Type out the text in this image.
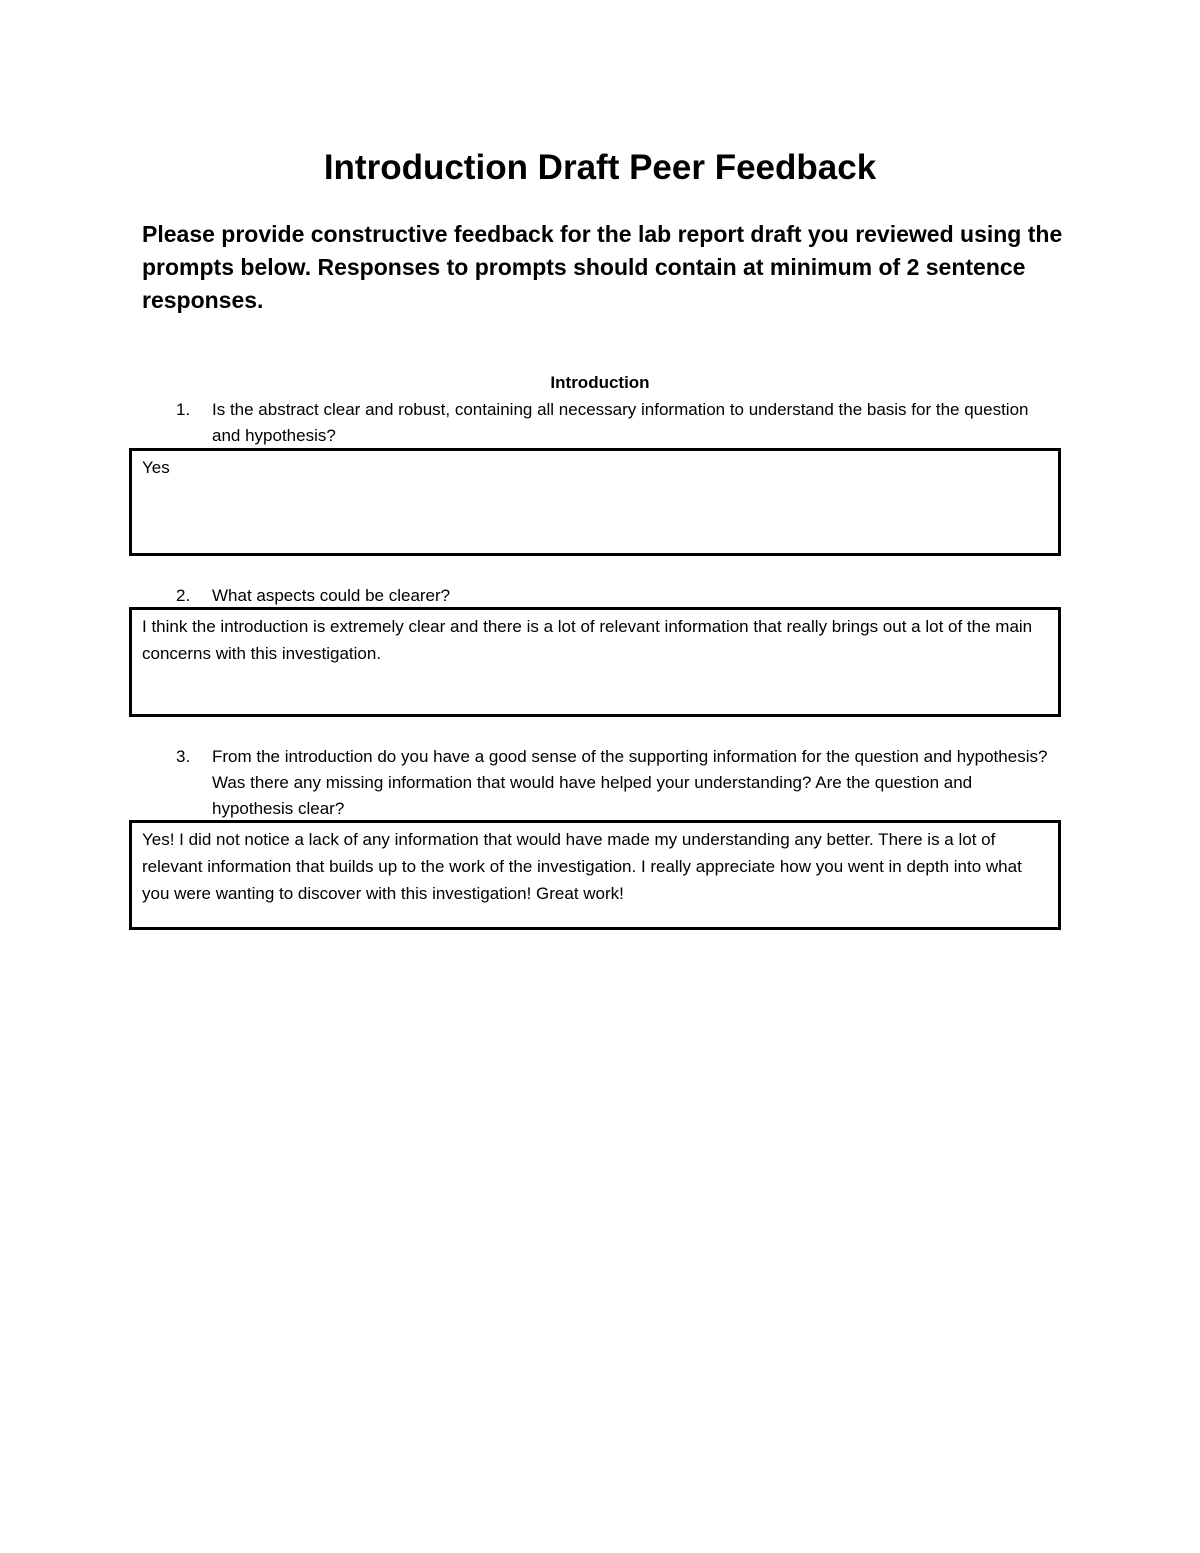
Introduction Draft Peer Feedback

Please provide constructive feedback for the lab report draft you reviewed using the prompts below. Responses to prompts should contain at minimum of 2 sentence responses.

Introduction
1.	Is the abstract clear and robust, containing all necessary information to understand the basis for the question and hypothesis?
Yes
2.	What aspects could be clearer?
I think the introduction is extremely clear and there is a lot of relevant information that really brings out a lot of the main concerns with this investigation.
3.	From the introduction do you have a good sense of the supporting information for the question and hypothesis? Was there any missing information that would have helped your understanding? Are the question and hypothesis clear?
Yes! I did not notice a lack of any information that would have made my understanding any better. There is a lot of relevant information that builds up to the work of the investigation. I really appreciate how you went in depth into what you were wanting to discover with this investigation! Great work!
